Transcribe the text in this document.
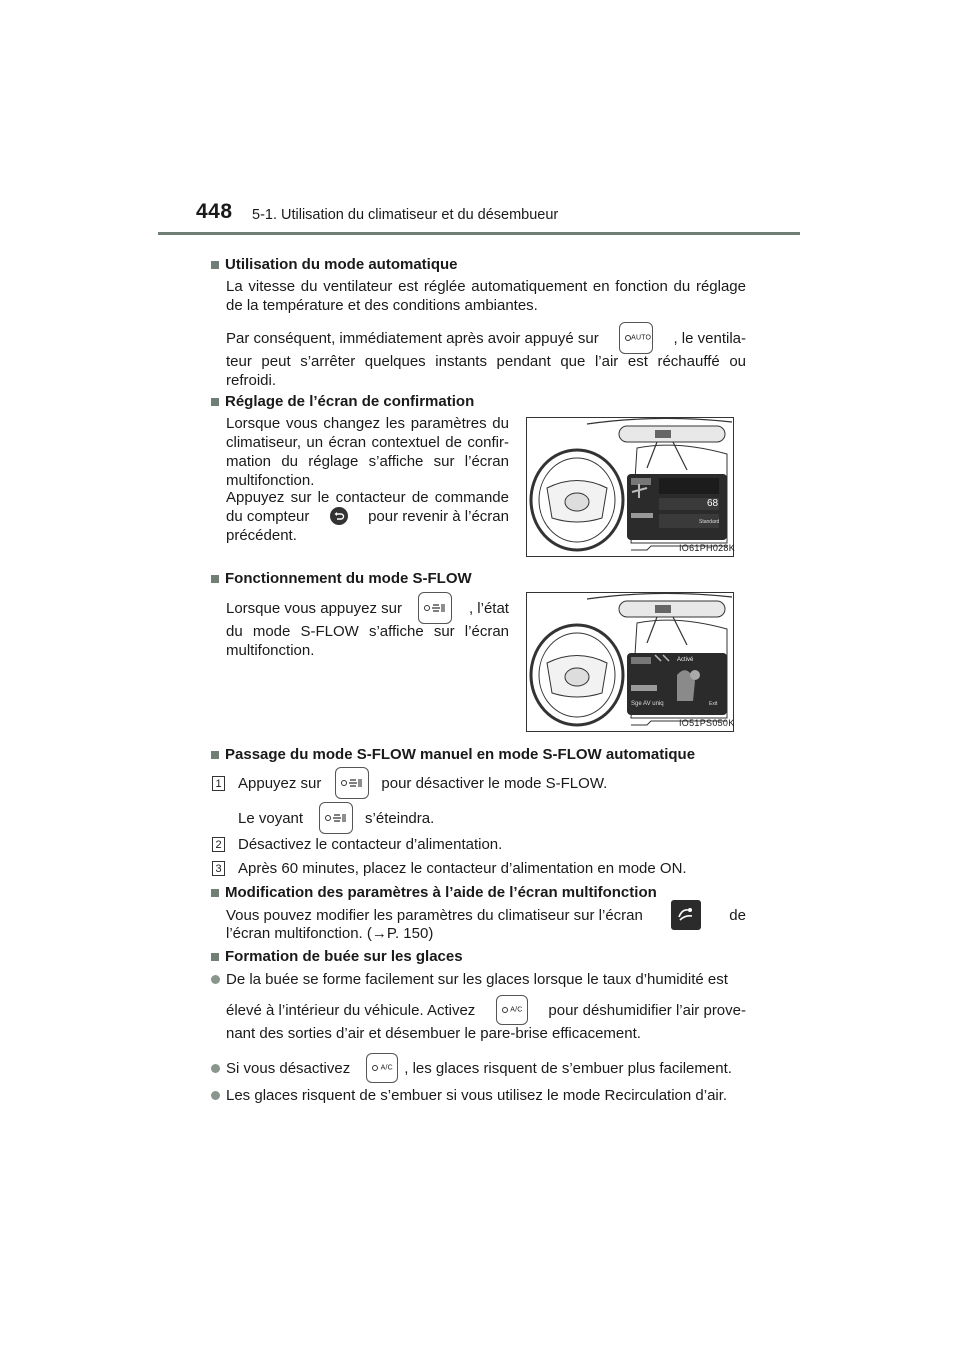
448 5-1. Utilisation du climatiseur et du désembueur
Utilisation du mode automatique
La vitesse du ventilateur est réglée automatiquement en fonction du réglage de la température et des conditions ambiantes.
Par conséquent, immédiatement après avoir appuyé sur	AUTO , le ventila-
teur peut s’arrêter quelques instants pendant que l’air est réchauffé ou refroidi.
Réglage de l’écran de confirmation
Lorsque vous changez les paramètres du climatiseur, un écran contextuel de confir-mation du réglage s’affiche sur l’écran multifonction.
Appuyez sur le contacteur de commande
du compteur	pour revenir à l’écran
précédent.
68
Standard
IO61PH028K
Fonctionnement du mode S-FLOW
Lorsque vous appuyez sur	, l’état
du mode S-FLOW s’affiche sur l’écran multifonction.
Activé
Sge AV uniq	Exit
IO51PS050K
Passage du mode S-FLOW manuel en mode S-FLOW automatique
1 Appuyez sur	pour désactiver le mode S-FLOW.
Le voyant	s’éteindra.
2 Désactivez le contacteur d’alimentation.
3 Après 60 minutes, placez le contacteur d’alimentation en mode ON.
Modification des paramètres à l’aide de l’écran multifonction
Vous pouvez modifier les paramètres du climatiseur sur l’écran	de
l’écran multifonction. (→P. 150)
Formation de buée sur les glaces
De la buée se forme facilement sur les glaces lorsque le taux d’humidité est
élevé à l’intérieur du véhicule. Activez	A/C pour déshumidifier l’air prove-
nant des sorties d’air et désembuer le pare-brise efficacement.
Si vous désactivez	A/C , les glaces risquent de s’embuer plus facilement.
Les glaces risquent de s’embuer si vous utilisez le mode Recirculation d’air.
